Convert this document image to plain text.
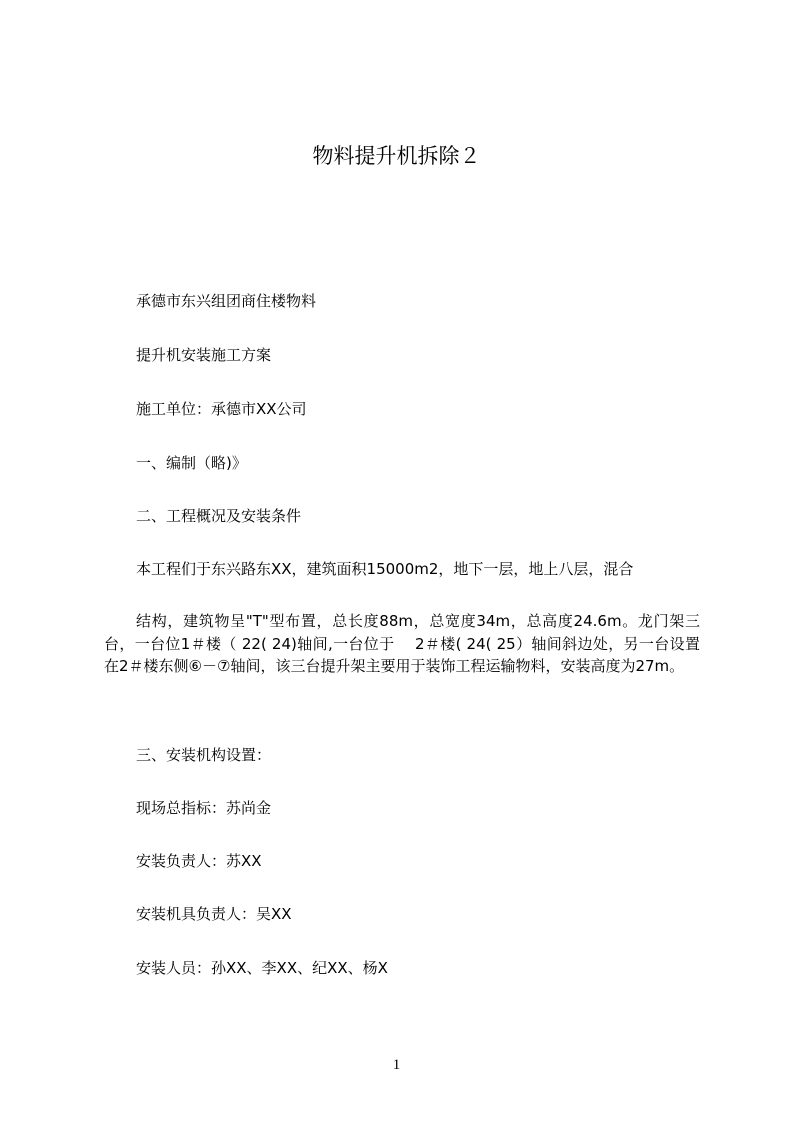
物料提升机拆除２

承德市东兴组团商住楼物料

提升机安装施工方案

施工单位：承德市XX公司

一、编制（略)》

二、工程概况及安装条件

本工程们于东兴路东XX，建筑面积15000m2，地下一层，地上八层，混合

结构，建筑物呈"T"型布置，总长度88m，总宽度34m，总高度24.6m。龙门架三台，一台位1＃楼（ 22( 24)轴间,一台位于　 2＃楼( 24( 25）轴间斜边处，另一台设置在2＃楼东侧⑥－⑦轴间，该三台提升架主要用于装饰工程运输物料，安装高度为27m。

三、安装机构设置：

现场总指标：苏尚金

安装负责人：苏XX

安装机具负责人：吴XX

安装人员：孙XX、李XX、纪XX、杨X

1
